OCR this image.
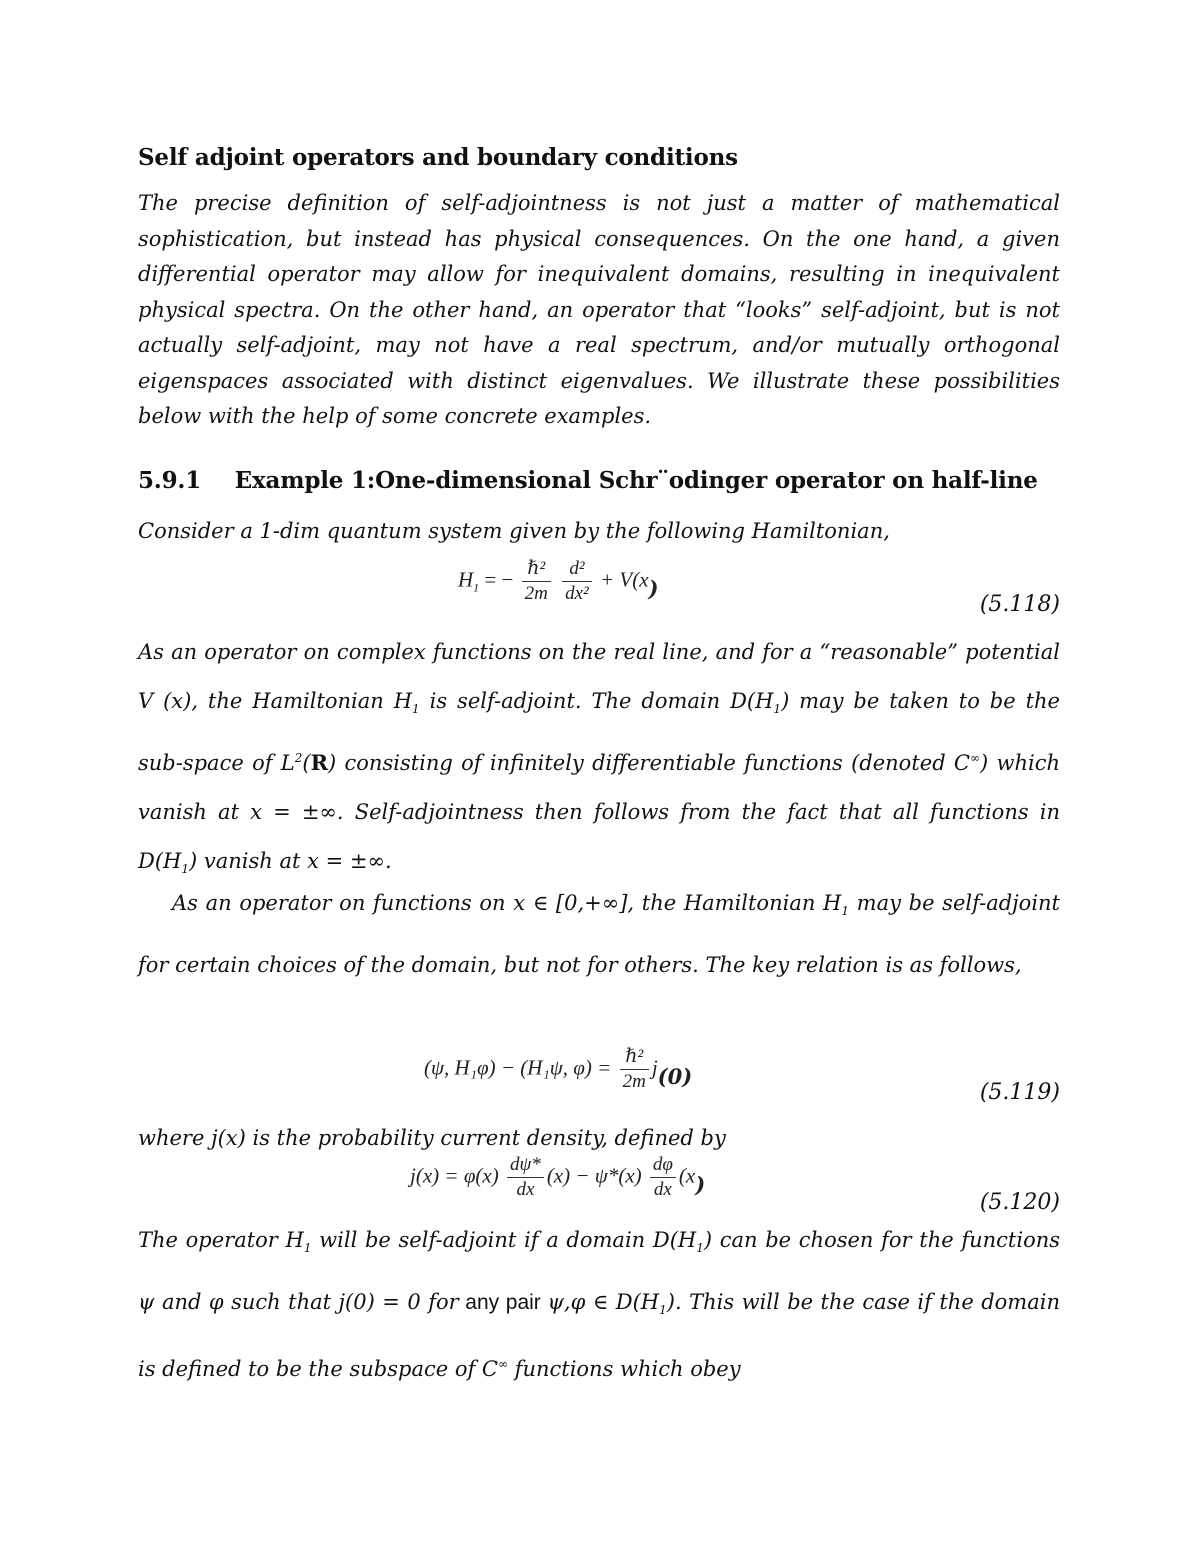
Self adjoint operators and boundary conditions

The precise definition of self-adjointness is not just a matter of mathematical sophistication, but instead has physical consequences. On the one hand, a given differential operator may allow for inequivalent domains, resulting in inequivalent physical spectra. On the other hand, an operator that “looks” self-adjoint, but is not actually self-adjoint, may not have a real spectrum, and/or mutually orthogonal eigenspaces associated with distinct eigenvalues. We illustrate these possibilities below with the help of some concrete examples.

5.9.1 Example 1:One-dimensional Schr¨odinger operator on half-line
Consider a 1-dim quantum system given by the following Hamiltonian,
$H_1$ = − $\frac{\text{ℏ²}}{2m}$
$\frac{\text{d²}}{\text{dx²}} + V(x)$
(5.118)
As an operator on complex functions on the real line, and for a “reasonable” potential V (x), the Hamiltonian $H_1$ is self-adjoint. The domain $D(H_1)$ may be taken to be the sub-space of $L^2(R)$ consisting of infinitely differentiable functions (denoted C∞) which vanish at x = ±∞. Self-adjointness then follows from the fact that all functions in $D(H_1)$ vanish at x = ±∞.
As an operator on functions on x ∈ [0,+∞], the Hamiltonian $H_1$ may be self-adjoint for certain choices of the domain, but not for others. The key relation is as follows,
(ψ, H₁φ) − (H₁ψ, $\varphi) = \frac{\text{ℏ²}}{2m} j(0)$
(5.119)
where j(x) is the probability current density, defined by
$j(x) = \varphi(x) \frac{d\psi*}{dx} (x) - \psi*(x) \frac{d\varphi}{dx} (x)$
(5.120)
The operator $H_1$ will be self-adjoint if a domain $D(H_1)$ can be chosen for the functions ψ and φ such that j(0) = 0 for any pair ψ,φ ∈ $D(H_1)$. This will be the case if the domain is defined to be the subspace of C∞ functions which obey
